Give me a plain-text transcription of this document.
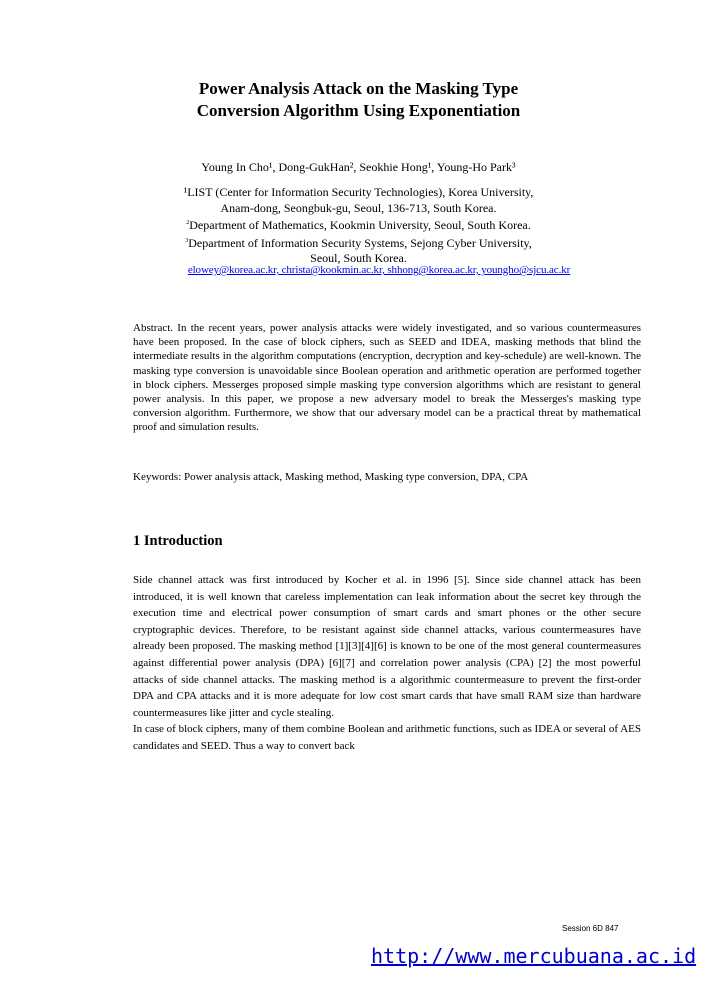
Power Analysis Attack on the Masking Type
Conversion Algorithm Using Exponentiation
Young In Cho¹, Dong-GukHan², Seokhie Hong¹, Young-Ho Park³
¹LIST (Center for Information Security Technologies), Korea University,
Anam-dong, Seongbuk-gu, Seoul, 136-713, South Korea.
$^2$Department of Mathematics, Kookmin University, Seoul, South Korea.
$^3$Department of Information Security Systems, Sejong Cyber University,
Seoul, South Korea.
elowey@korea.ac.kr, christa@kookmin.ac.kr, shhong@korea.ac.kr, youngho@sjcu.ac.kr
Abstract. In the recent years, power analysis attacks were widely investigated, and so various countermeasures have been proposed. In the case of block ciphers, such as SEED and IDEA, masking methods that blind the intermediate results in the algorithm computations (encryption, decryption and key-schedule) are well-known. The masking type conversion is unavoidable since Boolean operation and arithmetic operation are performed together in block ciphers. Messerges proposed simple masking type conversion algorithms which are resistant to general power analysis. In this paper, we propose a new adversary model to break the Messerges's masking type conversion algorithm. Furthermore, we show that our adversary model can be a practical threat by mathematical proof and simulation results.
Keywords: Power analysis attack, Masking method, Masking type conversion, DPA, CPA
1 Introduction

Side channel attack was first introduced by Kocher et al. in 1996 [5]. Since side channel attack has been introduced, it is well known that careless implementation can leak information about the secret key through the execution time and electrical power consumption of smart cards and smart phones or the other secure cryptographic devices. Therefore, to be resistant against side channel attacks, various countermeasures have already been proposed. The masking method [1][3][4][6] is known to be one of the most general countermeasures against differential power analysis (DPA) [6][7] and correlation power analysis (CPA) [2] the most powerful attacks of side channel attacks. The masking method is a algorithmic countermeasure to prevent the first-order DPA and CPA attacks and it is more adequate for low cost smart cards that have small RAM size than hardware countermeasures like jitter and cycle stealing.

In case of block ciphers, many of them combine Boolean and arithmetic functions, such as IDEA or several of AES candidates and SEED. Thus a way to convert back

Session 6D 847
http://www.mercubuana.ac.id
